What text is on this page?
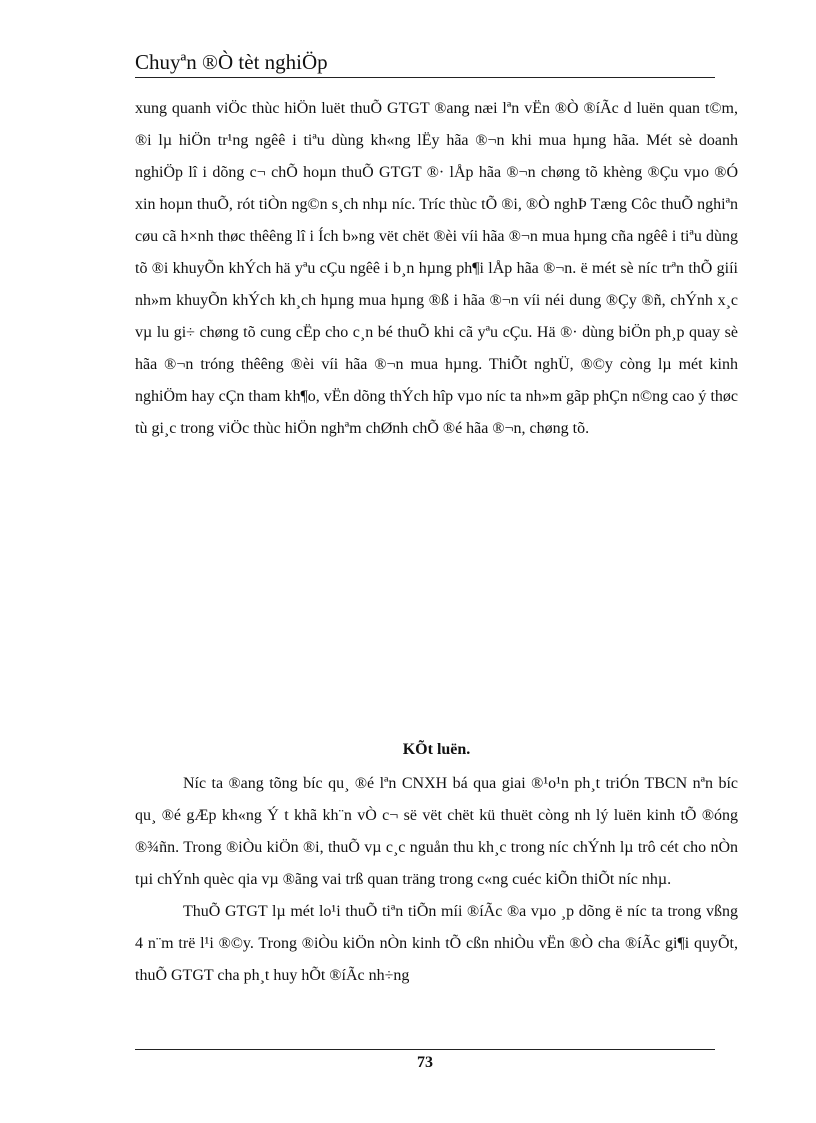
Chuyªn ®Ò tèt nghiÖp

xung quanh viÖc thùc hiÖn luët thuÕ GTGT ®ang næi lªn vËn ®Ò ®íÃc d luën quan t©m, ®i lµ hiÖn tr¹ng ngêê i tiªu dùng kh«ng lËy hãa ®¬n khi mua hµng hãa. Mét sè doanh nghiÖp lî i dõng c¬ chÕ hoµn thuÕ GTGT ®· lÅp hãa ®¬n chøng tõ khèng ®Çu vµo ®Ó xin hoµn thuÕ, rót tiÒn ng©n s¸ch nhµ níc. Tríc thùc tÕ ®i, ®Ò nghÞ Tæng Côc thuÕ nghiªn cøu cã h×nh thøc thêêng lî i Ích b»ng vët chët ®èi víi hãa ®¬n mua hµng cña ngêê i tiªu dùng tõ ®i khuyÕn khÝch hä yªu cÇu ngêê i b¸n hµng ph¶i lÅp hãa ®¬n. ë mét sè níc trªn thÕ giíi nh»m khuyÕn khÝch kh¸ch hµng mua hµng ®ß i hãa ®¬n víi néi dung ®Çy ®ñ, chÝnh x¸c vµ lu gi÷ chøng tõ cung cËp cho c¸n bé thuÕ khi cã yªu cÇu. Hä ®· dùng biÖn ph¸p quay sè hãa ®¬n tróng thêêng ®èi víi hãa ®¬n mua hµng. ThiÕt nghÜ, ®©y còng lµ mét kinh nghiÖm hay cÇn tham kh¶o, vËn dõng thÝch hîp vµo níc ta nh»m gãp phÇn n©ng cao ý thøc tù gi¸c trong viÖc thùc hiÖn nghªm chØnh chÕ ®é hãa ®¬n, chøng tõ.

KÕt luën.

Níc ta ®ang tõng bíc qu¸ ®é lªn CNXH bá qua giai ®¹o¹n ph¸t triÓn TBCN nªn bíc qu¸ ®é gÆp kh«ng Ý t khã kh¨n vÒ c¬ së vët chët kü thuët còng nh lý luën kinh tÕ ®óng ®¾ñn. Trong ®iÒu kiÖn ®i, thuÕ vµ c¸c nguån thu kh¸c trong níc chÝnh lµ trô cét cho nÒn tµi chÝnh quèc qia vµ ®ãng vai trß quan träng trong c«ng cuéc kiÕn thiÕt níc nhµ.

ThuÕ GTGT lµ mét lo¹i thuÕ tiªn tiÕn míi ®íÃc ®a vµo ¸p dõng ë níc ta trong vßng 4 n¨m trë l¹i ®©y. Trong ®iÒu kiÖn nÒn kinh tÕ cßn nhiÒu vËn ®Ò cha ®íÃc gi¶i quyÕt, thuÕ GTGT cha ph¸t huy hÕt ®íÃc nh÷ng

73
